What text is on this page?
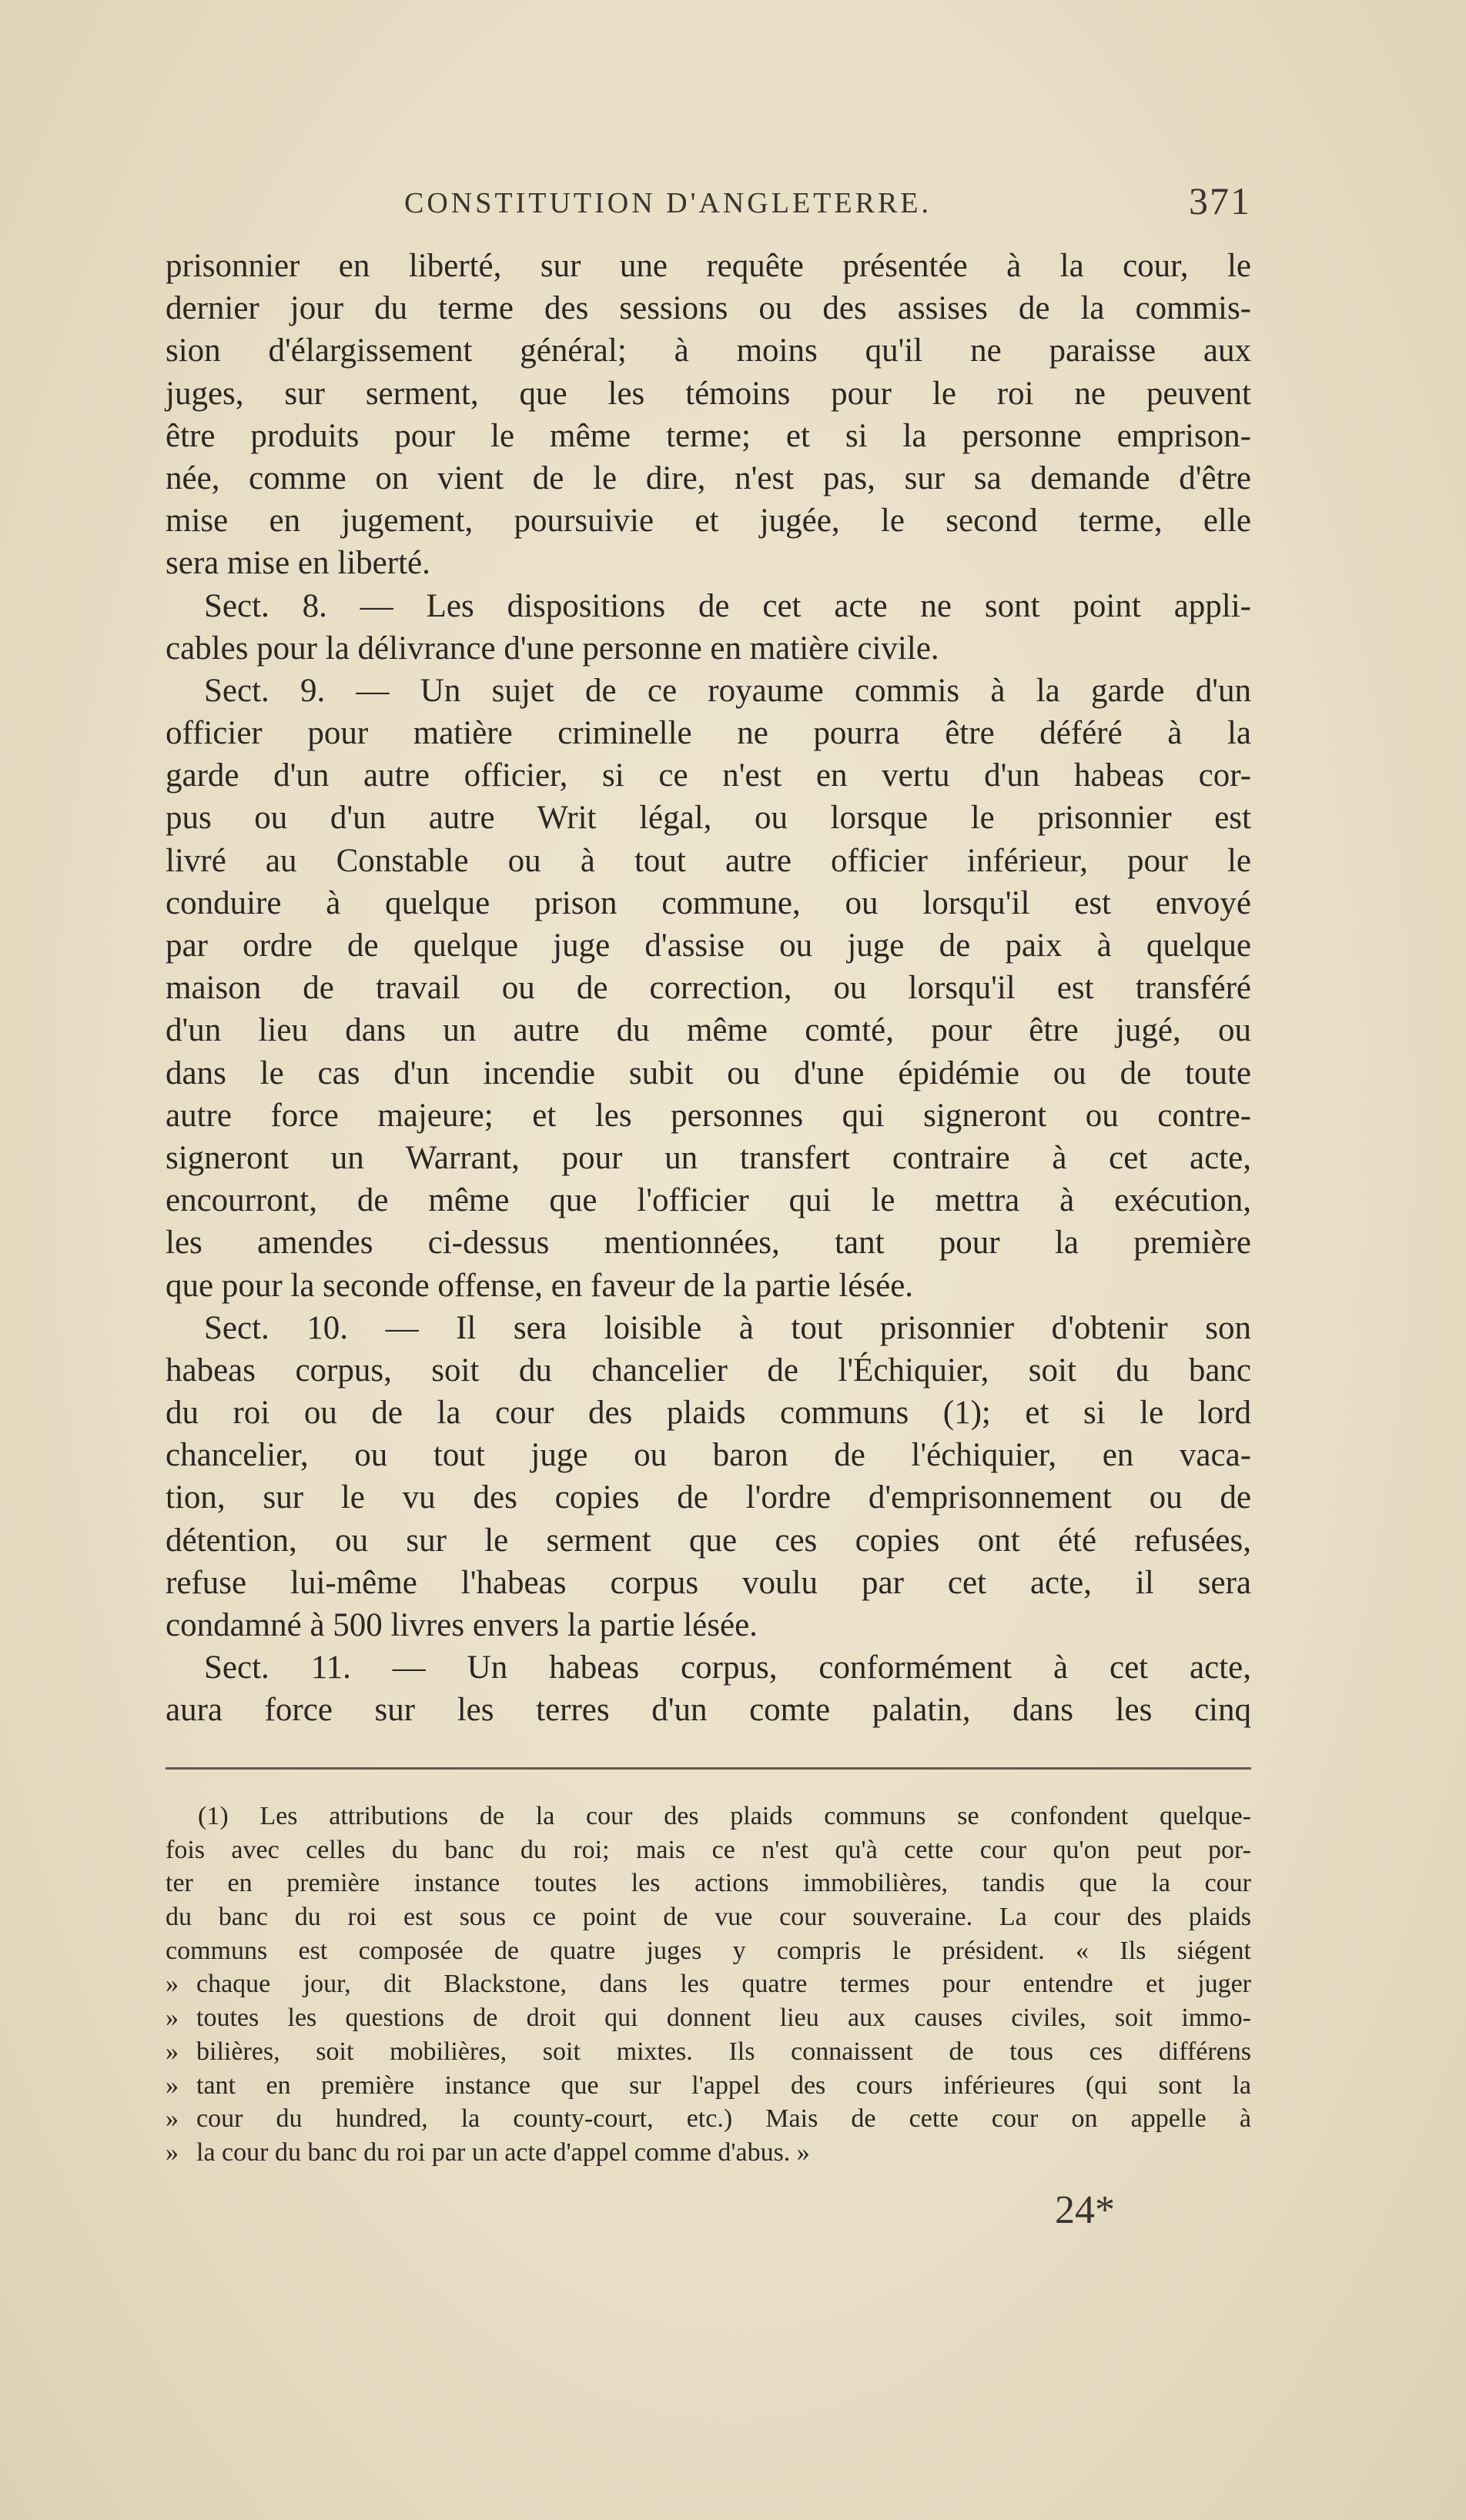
CONSTITUTION D'ANGLETERRE.	371
prisonnier en liberté, sur une requête présentée à la cour, le
dernier jour du terme des sessions ou des assises de la commis-
sion d'élargissement général; à moins qu'il ne paraisse aux
juges, sur serment, que les témoins pour le roi ne peuvent
être produits pour le même terme; et si la personne emprison-
née, comme on vient de le dire, n'est pas, sur sa demande d'être
mise en jugement, poursuivie et jugée, le second terme, elle
sera mise en liberté.
Sect. 8. — Les dispositions de cet acte ne sont point appli-
cables pour la délivrance d'une personne en matière civile.
Sect. 9. — Un sujet de ce royaume commis à la garde d'un
officier pour matière criminelle ne pourra être déféré à la
garde d'un autre officier, si ce n'est en vertu d'un habeas cor-
pus ou d'un autre Writ légal, ou lorsque le prisonnier est
livré au Constable ou à tout autre officier inférieur, pour le
conduire à quelque prison commune, ou lorsqu'il est envoyé
par ordre de quelque juge d'assise ou juge de paix à quelque
maison de travail ou de correction, ou lorsqu'il est transféré
d'un lieu dans un autre du même comté, pour être jugé, ou
dans le cas d'un incendie subit ou d'une épidémie ou de toute
autre force majeure; et les personnes qui signeront ou contre-
signeront un Warrant, pour un transfert contraire à cet acte,
encourront, de même que l'officier qui le mettra à exécution,
les amendes ci-dessus mentionnées, tant pour la première
que pour la seconde offense, en faveur de la partie lésée.
Sect. 10. — Il sera loisible à tout prisonnier d'obtenir son
habeas corpus, soit du chancelier de l'Échiquier, soit du banc
du roi ou de la cour des plaids communs (1); et si le lord
chancelier, ou tout juge ou baron de l'échiquier, en vaca-
tion, sur le vu des copies de l'ordre d'emprisonnement ou de
détention, ou sur le serment que ces copies ont été refusées,
refuse lui-même l'habeas corpus voulu par cet acte, il sera
condamné à 500 livres envers la partie lésée.
Sect. 11. — Un habeas corpus, conformément à cet acte,
aura force sur les terres d'un comte palatin, dans les cinq
(1) Les attributions de la cour des plaids communs se confondent quelque-
fois avec celles du banc du roi; mais ce n'est qu'à cette cour qu'on peut por-
ter en première instance toutes les actions immobilières, tandis que la cour
du banc du roi est sous ce point de vue cour souveraine. La cour des plaids
communs est composée de quatre juges y compris le président. « Ils siégent
» chaque jour, dit Blackstone, dans les quatre termes pour entendre et juger
» toutes les questions de droit qui donnent lieu aux causes civiles, soit immo-
» bilières, soit mobilières, soit mixtes. Ils connaissent de tous ces différens
» tant en première instance que sur l'appel des cours inférieures (qui sont la
» cour du hundred, la county-court, etc.) Mais de cette cour on appelle à
» la cour du banc du roi par un acte d'appel comme d'abus. »
24*
